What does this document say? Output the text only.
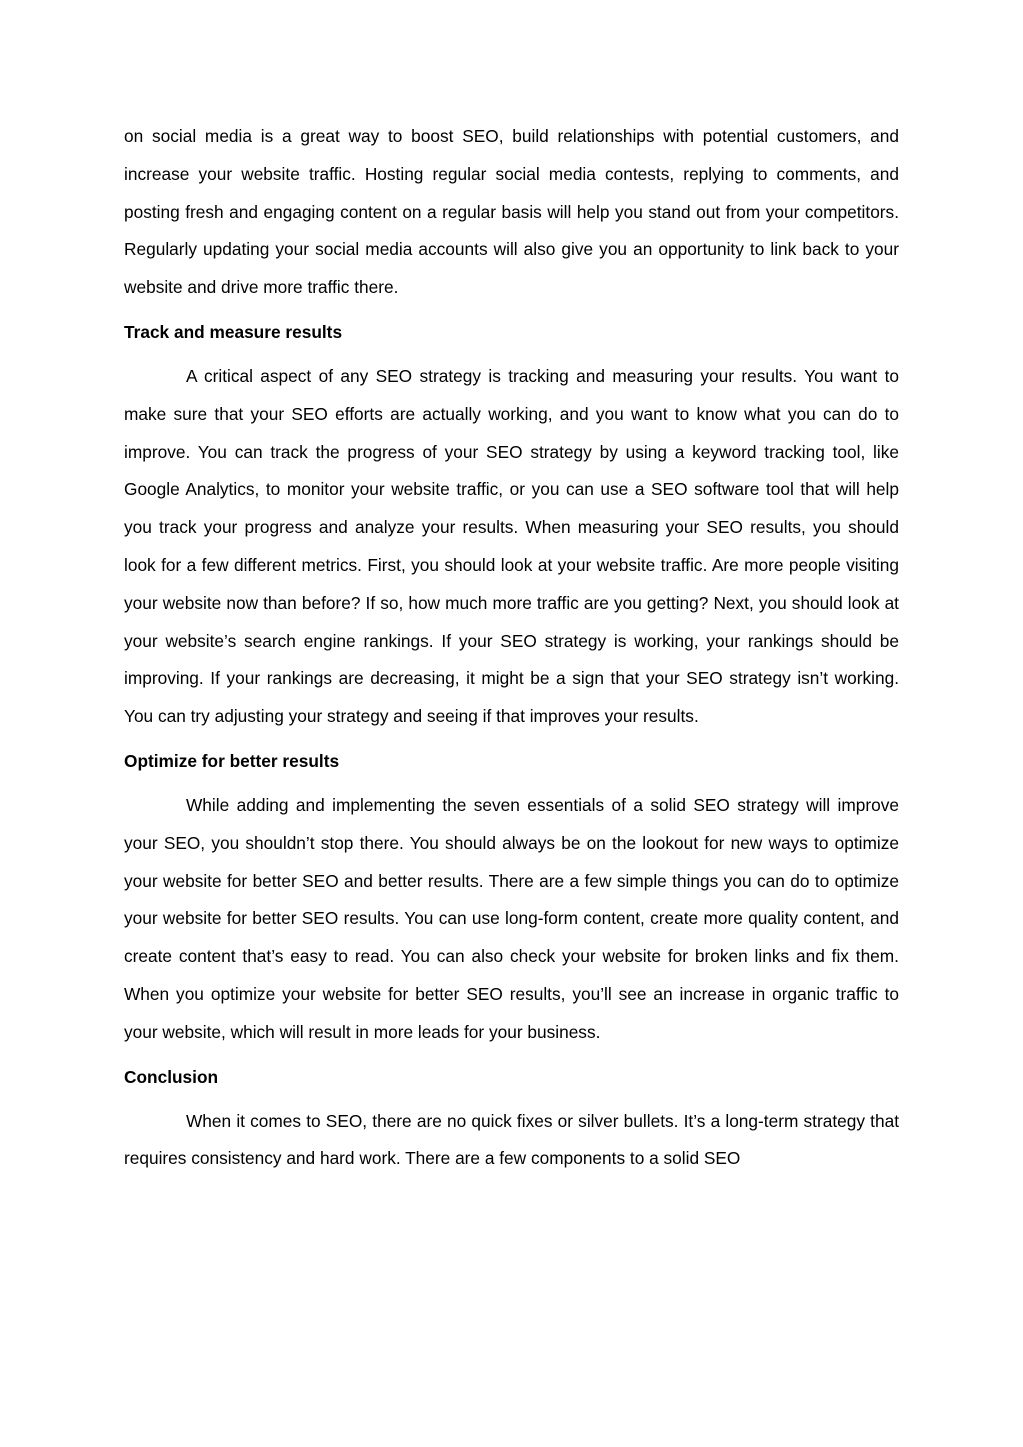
on social media is a great way to boost SEO, build relationships with potential customers, and increase your website traffic. Hosting regular social media contests, replying to comments, and posting fresh and engaging content on a regular basis will help you stand out from your competitors. Regularly updating your social media accounts will also give you an opportunity to link back to your website and drive more traffic there.

Track and measure results

A critical aspect of any SEO strategy is tracking and measuring your results. You want to make sure that your SEO efforts are actually working, and you want to know what you can do to improve. You can track the progress of your SEO strategy by using a keyword tracking tool, like Google Analytics, to monitor your website traffic, or you can use a SEO software tool that will help you track your progress and analyze your results. When measuring your SEO results, you should look for a few different metrics. First, you should look at your website traffic. Are more people visiting your website now than before? If so, how much more traffic are you getting? Next, you should look at your website’s search engine rankings. If your SEO strategy is working, your rankings should be improving. If your rankings are decreasing, it might be a sign that your SEO strategy isn’t working. You can try adjusting your strategy and seeing if that improves your results.

Optimize for better results

While adding and implementing the seven essentials of a solid SEO strategy will improve your SEO, you shouldn’t stop there. You should always be on the lookout for new ways to optimize your website for better SEO and better results. There are a few simple things you can do to optimize your website for better SEO results. You can use long-form content, create more quality content, and create content that’s easy to read. You can also check your website for broken links and fix them. When you optimize your website for better SEO results, you’ll see an increase in organic traffic to your website, which will result in more leads for your business.

Conclusion

When it comes to SEO, there are no quick fixes or silver bullets. It’s a long-term strategy that requires consistency and hard work. There are a few components to a solid SEO
